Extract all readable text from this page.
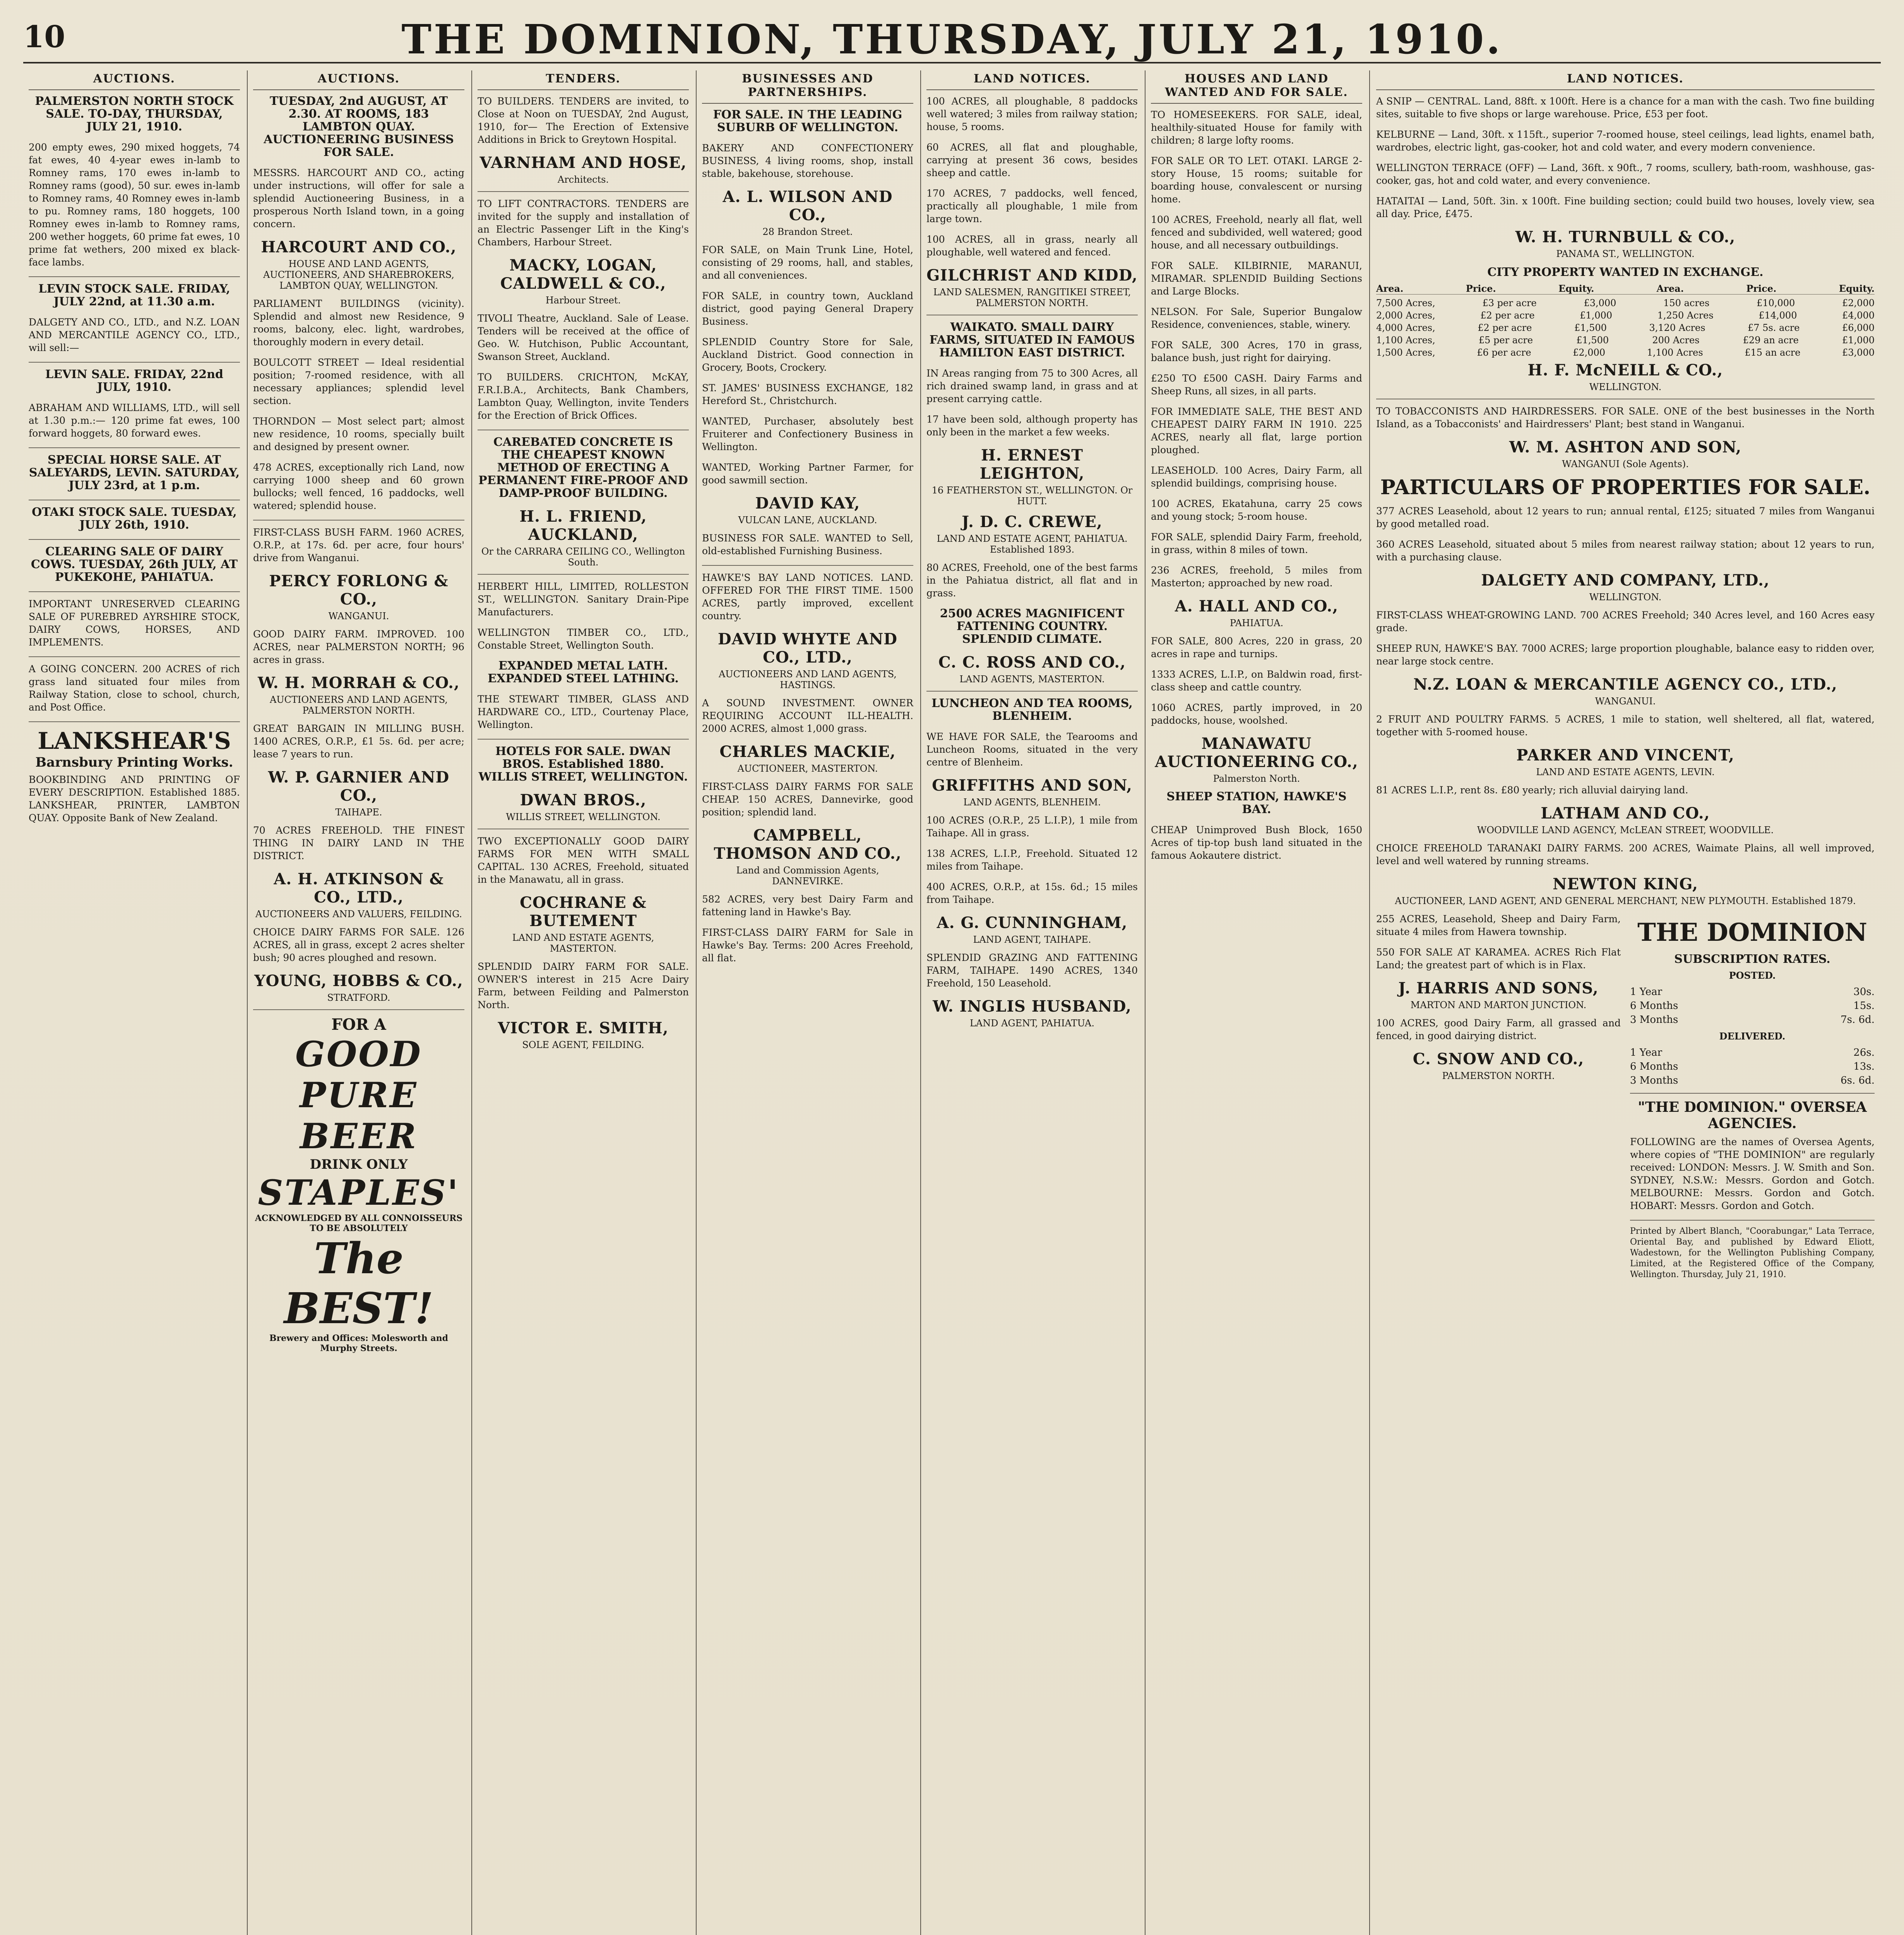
10	THE DOMINION, THURSDAY, JULY 21, 1910.
AUCTIONS.

PALMERSTON NORTH STOCK SALE. TO-DAY, THURSDAY, JULY 21, 1910.

200 empty ewes, 290 mixed hoggets, 74 fat ewes, 40 4-year ewes in-lamb to Romney rams, 170 ewes in-lamb to Romney rams (good), 50 sur. ewes in-lamb to Romney rams, 40 Romney ewes in-lamb to pu. Romney rams, 180 hoggets, 100 Romney ewes in-lamb to Romney rams, 200 wether hoggets, 60 prime fat ewes, 10 prime fat wethers, 200 mixed ex black-face lambs.

LEVIN STOCK SALE. FRIDAY, JULY 22nd, at 11.30 a.m.

DALGETY AND CO., LTD., and N.Z. LOAN AND MERCANTILE AGENCY CO., LTD., will sell:—

LEVIN SALE. FRIDAY, 22nd JULY, 1910.

ABRAHAM AND WILLIAMS, LTD., will sell at 1.30 p.m.:— 120 prime fat ewes, 100 forward hoggets, 80 forward ewes.

SPECIAL HORSE SALE. AT SALEYARDS, LEVIN. SATURDAY, JULY 23rd, at 1 p.m.

OTAKI STOCK SALE. TUESDAY, JULY 26th, 1910.

CLEARING SALE OF DAIRY COWS. TUESDAY, 26th JULY, AT PUKEKOHE, PAHIATUA.

IMPORTANT UNRESERVED CLEARING SALE OF PUREBRED AYRSHIRE STOCK, DAIRY COWS, HORSES, AND IMPLEMENTS.

A GOING CONCERN. 200 ACRES of rich grass land situated four miles from Railway Station, close to school, church, and Post Office.

LANKSHEAR'S
Barnsbury Printing Works.

BOOKBINDING AND PRINTING OF EVERY DESCRIPTION. Established 1885. LANKSHEAR, PRINTER, LAMBTON QUAY. Opposite Bank of New Zealand.

AUCTIONS.

TUESDAY, 2nd AUGUST, AT 2.30. AT ROOMS, 183 LAMBTON QUAY. AUCTIONEERING BUSINESS FOR SALE.

MESSRS. HARCOURT AND CO., acting under instructions, will offer for sale a splendid Auctioneering Business, in a prosperous North Island town, in a going concern.

HARCOURT AND CO.,
HOUSE AND LAND AGENTS, AUCTIONEERS, AND SHAREBROKERS, LAMBTON QUAY, WELLINGTON.

PARLIAMENT BUILDINGS (vicinity). Splendid and almost new Residence, 9 rooms, balcony, elec. light, wardrobes, thoroughly modern in every detail.

BOULCOTT STREET — Ideal residential position; 7-roomed residence, with all necessary appliances; splendid level section.

THORNDON — Most select part; almost new residence, 10 rooms, specially built and designed by present owner.

478 ACRES, exceptionally rich Land, now carrying 1000 sheep and 60 grown bullocks; well fenced, 16 paddocks, well watered; splendid house.

FIRST-CLASS BUSH FARM. 1960 ACRES, O.R.P., at 17s. 6d. per acre, four hours' drive from Wanganui.

PERCY FORLONG & CO.,
WANGANUI.

GOOD DAIRY FARM. IMPROVED. 100 ACRES, near PALMERSTON NORTH; 96 acres in grass.

W. H. MORRAH & CO.,
AUCTIONEERS AND LAND AGENTS, PALMERSTON NORTH.

GREAT BARGAIN IN MILLING BUSH. 1400 ACRES, O.R.P., £1 5s. 6d. per acre; lease 7 years to run.

W. P. GARNIER AND CO.,
TAIHAPE.

70 ACRES FREEHOLD. THE FINEST THING IN DAIRY LAND IN THE DISTRICT.

A. H. ATKINSON & CO., LTD.,
AUCTIONEERS AND VALUERS, FEILDING.

CHOICE DAIRY FARMS FOR SALE. 126 ACRES, all in grass, except 2 acres shelter bush; 90 acres ploughed and resown.

YOUNG, HOBBS & CO.,
STRATFORD.
FOR A
GOOD PURE BEER
DRINK ONLY
STAPLES'
ACKNOWLEDGED BY ALL CONNOISSEURS TO BE ABSOLUTELY
The BEST!
Brewery and Offices: Molesworth and Murphy Streets.
TENDERS.

TO BUILDERS. TENDERS are invited, to Close at Noon on TUESDAY, 2nd August, 1910, for— The Erection of Extensive Additions in Brick to Greytown Hospital.

VARNHAM AND HOSE,
Architects.

TO LIFT CONTRACTORS. TENDERS are invited for the supply and installation of an Electric Passenger Lift in the King's Chambers, Harbour Street.

MACKY, LOGAN, CALDWELL & CO.,
Harbour Street.

TIVOLI Theatre, Auckland. Sale of Lease. Tenders will be received at the office of Geo. W. Hutchison, Public Accountant, Swanson Street, Auckland.

TO BUILDERS. CRICHTON, McKAY, F.R.I.B.A., Architects, Bank Chambers, Lambton Quay, Wellington, invite Tenders for the Erection of Brick Offices.

CAREBATED CONCRETE IS THE CHEAPEST KNOWN METHOD OF ERECTING A PERMANENT FIRE-PROOF AND DAMP-PROOF BUILDING.

H. L. FRIEND, AUCKLAND,
Or the CARRARA CEILING CO., Wellington South.

HERBERT HILL, LIMITED, ROLLESTON ST., WELLINGTON. Sanitary Drain-Pipe Manufacturers.

WELLINGTON TIMBER CO., LTD., Constable Street, Wellington South.

EXPANDED METAL LATH. EXPANDED STEEL LATHING.

THE STEWART TIMBER, GLASS AND HARDWARE CO., LTD., Courtenay Place, Wellington.

HOTELS FOR SALE. DWAN BROS. Established 1880. WILLIS STREET, WELLINGTON.

DWAN BROS.,
WILLIS STREET, WELLINGTON.

TWO EXCEPTIONALLY GOOD DAIRY FARMS FOR MEN WITH SMALL CAPITAL. 130 ACRES, Freehold, situated in the Manawatu, all in grass.

COCHRANE & BUTEMENT
LAND AND ESTATE AGENTS, MASTERTON.

SPLENDID DAIRY FARM FOR SALE. OWNER'S interest in 215 Acre Dairy Farm, between Feilding and Palmerston North.

VICTOR E. SMITH,
SOLE AGENT, FEILDING.
BUSINESSES AND PARTNERSHIPS.

FOR SALE. IN THE LEADING SUBURB OF WELLINGTON.

BAKERY AND CONFECTIONERY BUSINESS, 4 living rooms, shop, install stable, bakehouse, storehouse.

A. L. WILSON AND CO.,
28 Brandon Street.

FOR SALE, on Main Trunk Line, Hotel, consisting of 29 rooms, hall, and stables, and all conveniences.

FOR SALE, in country town, Auckland district, good paying General Drapery Business.

SPLENDID Country Store for Sale, Auckland District. Good connection in Grocery, Boots, Crockery.

ST. JAMES' BUSINESS EXCHANGE, 182 Hereford St., Christchurch.

WANTED, Purchaser, absolutely best Fruiterer and Confectionery Business in Wellington.

WANTED, Working Partner Farmer, for good sawmill section.

DAVID KAY,
VULCAN LANE, AUCKLAND.

BUSINESS FOR SALE. WANTED to Sell, old-established Furnishing Business.

HAWKE'S BAY LAND NOTICES. LAND. OFFERED FOR THE FIRST TIME. 1500 ACRES, partly improved, excellent country.

DAVID WHYTE AND CO., LTD.,
AUCTIONEERS AND LAND AGENTS, HASTINGS.

A SOUND INVESTMENT. OWNER REQUIRING ACCOUNT ILL-HEALTH. 2000 ACRES, almost 1,000 grass.

CHARLES MACKIE,
AUCTIONEER, MASTERTON.

FIRST-CLASS DAIRY FARMS FOR SALE CHEAP. 150 ACRES, Dannevirke, good position; splendid land.

CAMPBELL, THOMSON AND CO.,
Land and Commission Agents, DANNEVIRKE.

582 ACRES, very best Dairy Farm and fattening land in Hawke's Bay.

FIRST-CLASS DAIRY FARM for Sale in Hawke's Bay. Terms: 200 Acres Freehold, all flat.

LAND NOTICES.

100 ACRES, all ploughable, 8 paddocks well watered; 3 miles from railway station; house, 5 rooms.

60 ACRES, all flat and ploughable, carrying at present 36 cows, besides sheep and cattle.

170 ACRES, 7 paddocks, well fenced, practically all ploughable, 1 mile from large town.

100 ACRES, all in grass, nearly all ploughable, well watered and fenced.

GILCHRIST AND KIDD,
LAND SALESMEN, RANGITIKEI STREET, PALMERSTON NORTH.

WAIKATO. SMALL DAIRY FARMS, SITUATED IN FAMOUS HAMILTON EAST DISTRICT.

IN Areas ranging from 75 to 300 Acres, all rich drained swamp land, in grass and at present carrying cattle.

17 have been sold, although property has only been in the market a few weeks.

H. ERNEST LEIGHTON,
16 FEATHERSTON ST., WELLINGTON. Or HUTT.
J. D. C. CREWE,
LAND AND ESTATE AGENT, PAHIATUA. Established 1893.

80 ACRES, Freehold, one of the best farms in the Pahiatua district, all flat and in grass.

2500 ACRES MAGNIFICENT FATTENING COUNTRY. SPLENDID CLIMATE.

C. C. ROSS AND CO.,
LAND AGENTS, MASTERTON.

LUNCHEON AND TEA ROOMS, BLENHEIM.

WE HAVE FOR SALE, the Tearooms and Luncheon Rooms, situated in the very centre of Blenheim.

GRIFFITHS AND SON,
LAND AGENTS, BLENHEIM.

100 ACRES (O.R.P., 25 L.I.P.), 1 mile from Taihape. All in grass.

138 ACRES, L.I.P., Freehold. Situated 12 miles from Taihape.

400 ACRES, O.R.P., at 15s. 6d.; 15 miles from Taihape.

A. G. CUNNINGHAM,
LAND AGENT, TAIHAPE.

SPLENDID GRAZING AND FATTENING FARM, TAIHAPE. 1490 ACRES, 1340 Freehold, 150 Leasehold.

W. INGLIS HUSBAND,
LAND AGENT, PAHIATUA.
HOUSES AND LAND WANTED AND FOR SALE.

TO HOMESEEKERS. FOR SALE, ideal, healthily-situated House for family with children; 8 large lofty rooms.

FOR SALE OR TO LET. OTAKI. LARGE 2-story House, 15 rooms; suitable for boarding house, convalescent or nursing home.

100 ACRES, Freehold, nearly all flat, well fenced and subdivided, well watered; good house, and all necessary outbuildings.

FOR SALE. KILBIRNIE, MARANUI, MIRAMAR. SPLENDID Building Sections and Large Blocks.

NELSON. For Sale, Superior Bungalow Residence, conveniences, stable, winery.

FOR SALE, 300 Acres, 170 in grass, balance bush, just right for dairying.

£250 TO £500 CASH. Dairy Farms and Sheep Runs, all sizes, in all parts.

FOR IMMEDIATE SALE, THE BEST AND CHEAPEST DAIRY FARM IN 1910. 225 ACRES, nearly all flat, large portion ploughed.

LEASEHOLD. 100 Acres, Dairy Farm, all splendid buildings, comprising house.

100 ACRES, Ekatahuna, carry 25 cows and young stock; 5-room house.

FOR SALE, splendid Dairy Farm, freehold, in grass, within 8 miles of town.

236 ACRES, freehold, 5 miles from Masterton; approached by new road.

A. HALL AND CO.,
PAHIATUA.

FOR SALE, 800 Acres, 220 in grass, 20 acres in rape and turnips.

1333 ACRES, L.I.P., on Baldwin road, first-class sheep and cattle country.

1060 ACRES, partly improved, in 20 paddocks, house, woolshed.

MANAWATU AUCTIONEERING CO.,
Palmerston North.

SHEEP STATION, HAWKE'S BAY.

CHEAP Unimproved Bush Block, 1650 Acres of tip-top bush land situated in the famous Aokautere district.

LAND NOTICES.

A SNIP — CENTRAL. Land, 88ft. x 100ft. Here is a chance for a man with the cash. Two fine building sites, suitable to five shops or large warehouse. Price, £53 per foot.

KELBURNE — Land, 30ft. x 115ft., superior 7-roomed house, steel ceilings, lead lights, enamel bath, wardrobes, electric light, gas-cooker, hot and cold water, and every modern convenience.

WELLINGTON TERRACE (OFF) — Land, 36ft. x 90ft., 7 rooms, scullery, bath-room, washhouse, gas-cooker, gas, hot and cold water, and every convenience.

HATAITAI — Land, 50ft. 3in. x 100ft. Fine building section; could build two houses, lovely view, sea all day. Price, £475.

W. H. TURNBULL & CO.,
PANAMA ST., WELLINGTON.
CITY PROPERTY WANTED IN EXCHANGE.
Area.	Price.	Equity.	Area.	Price.	Equity.
7,500 Acres,	£3 per acre	£3,000	150 acres	£10,000	£2,000
2,000 Acres,	£2 per acre	£1,000	1,250 Acres	£14,000	£4,000
4,000 Acres,	£2 per acre	£1,500	3,120 Acres	£7 5s. acre	£6,000
1,100 Acres,	£5 per acre	£1,500	200 Acres	£29 an acre	£1,000
1,500 Acres,	£6 per acre	£2,000	1,100 Acres	£15 an acre	£3,000
H. F. McNEILL & CO.,
WELLINGTON.

TO TOBACCONISTS AND HAIRDRESSERS. FOR SALE. ONE of the best businesses in the North Island, as a Tobacconists' and Hairdressers' Plant; best stand in Wanganui.

W. M. ASHTON AND SON,
WANGANUI (Sole Agents).
PARTICULARS OF PROPERTIES FOR SALE.

377 ACRES Leasehold, about 12 years to run; annual rental, £125; situated 7 miles from Wanganui by good metalled road.

360 ACRES Leasehold, situated about 5 miles from nearest railway station; about 12 years to run, with a purchasing clause.

DALGETY AND COMPANY, LTD.,
WELLINGTON.

FIRST-CLASS WHEAT-GROWING LAND. 700 ACRES Freehold; 340 Acres level, and 160 Acres easy grade.

SHEEP RUN, HAWKE'S BAY. 7000 ACRES; large proportion ploughable, balance easy to ridden over, near large stock centre.

N.Z. LOAN & MERCANTILE AGENCY CO., LTD.,
WANGANUI.

2 FRUIT AND POULTRY FARMS. 5 ACRES, 1 mile to station, well sheltered, all flat, watered, together with 5-roomed house.

PARKER AND VINCENT,
LAND AND ESTATE AGENTS, LEVIN.

81 ACRES L.I.P., rent 8s. £80 yearly; rich alluvial dairying land.

LATHAM AND CO.,
WOODVILLE LAND AGENCY, McLEAN STREET, WOODVILLE.

CHOICE FREEHOLD TARANAKI DAIRY FARMS. 200 ACRES, Waimate Plains, all well improved, level and well watered by running streams.

NEWTON KING,
AUCTIONEER, LAND AGENT, AND GENERAL MERCHANT, NEW PLYMOUTH. Established 1879.

255 ACRES, Leasehold, Sheep and Dairy Farm, situate 4 miles from Hawera township.

550 FOR SALE AT KARAMEA. ACRES Rich Flat Land; the greatest part of which is in Flax.

J. HARRIS AND SONS,
MARTON AND MARTON JUNCTION.

100 ACRES, good Dairy Farm, all grassed and fenced, in good dairying district.

C. SNOW AND CO.,
PALMERSTON NORTH.
THE DOMINION
SUBSCRIPTION RATES.
POSTED.
1 Year	30s.
6 Months	15s.
3 Months	7s. 6d.
DELIVERED.
1 Year	26s.
6 Months	13s.
3 Months	6s. 6d.
"THE DOMINION." OVERSEA AGENCIES.

FOLLOWING are the names of Oversea Agents, where copies of "THE DOMINION" are regularly received: LONDON: Messrs. J. W. Smith and Son. SYDNEY, N.S.W.: Messrs. Gordon and Gotch. MELBOURNE: Messrs. Gordon and Gotch. HOBART: Messrs. Gordon and Gotch.

Printed by Albert Blanch, "Coorabungar," Lata Terrace, Oriental Bay, and published by Edward Eliott, Wadestown, for the Wellington Publishing Company, Limited, at the Registered Office of the Company, Wellington. Thursday, July 21, 1910.
